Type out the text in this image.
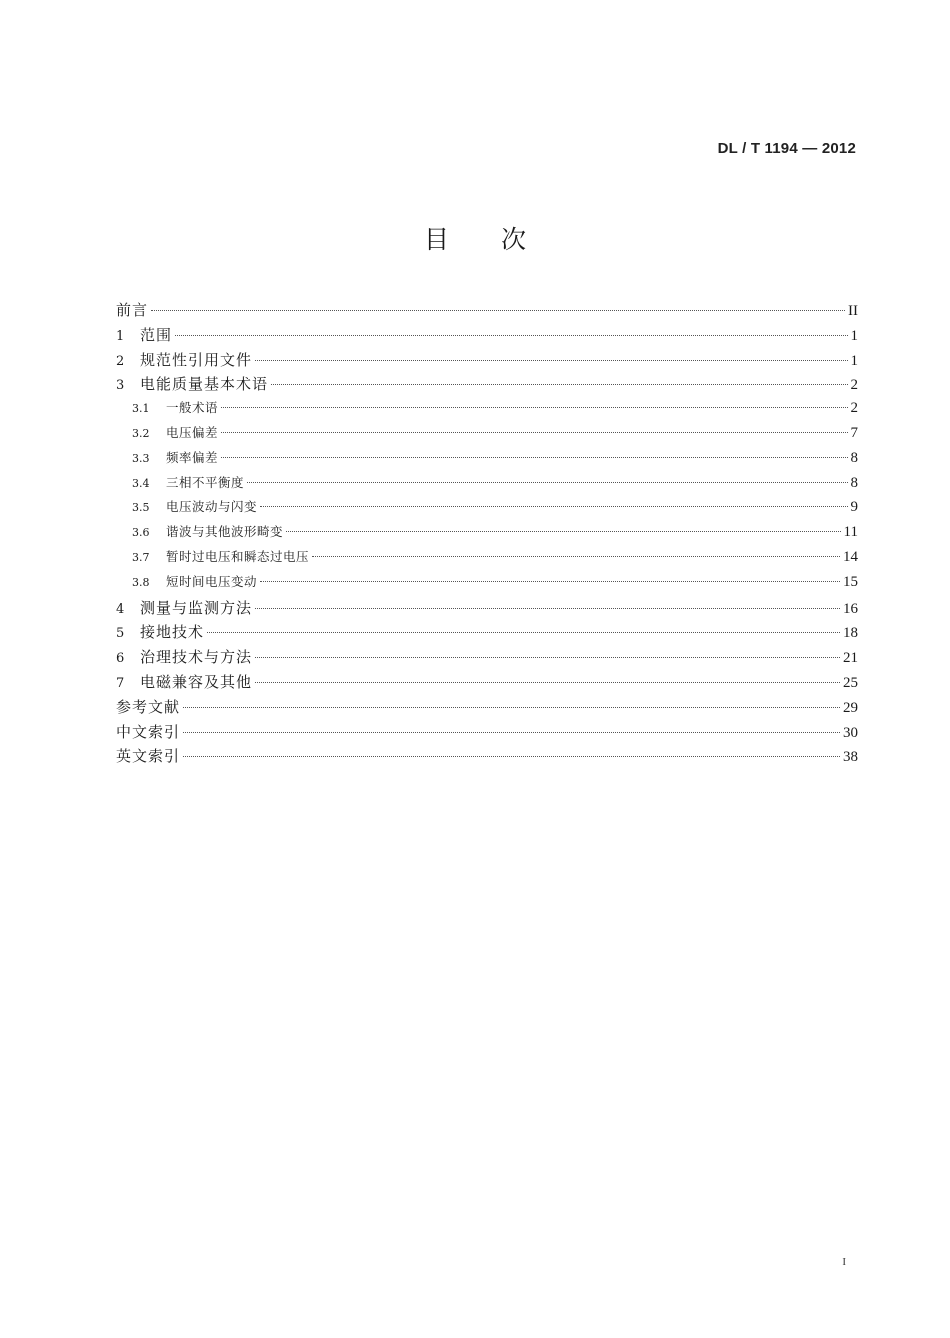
DL / T 1194 — 2012
目次
前言	II
1	范围	1
2	规范性引用文件	1
3	电能质量基本术语	2
3.1	一般术语	2
3.2	电压偏差	7
3.3	频率偏差	8
3.4	三相不平衡度	8
3.5	电压波动与闪变	9
3.6	谐波与其他波形畸变	11
3.7	暂时过电压和瞬态过电压	14
3.8	短时间电压变动	15
4	测量与监测方法	16
5	接地技术	18
6	治理技术与方法	21
7	电磁兼容及其他	25
参考文献	29
中文索引	30
英文索引	38
I
